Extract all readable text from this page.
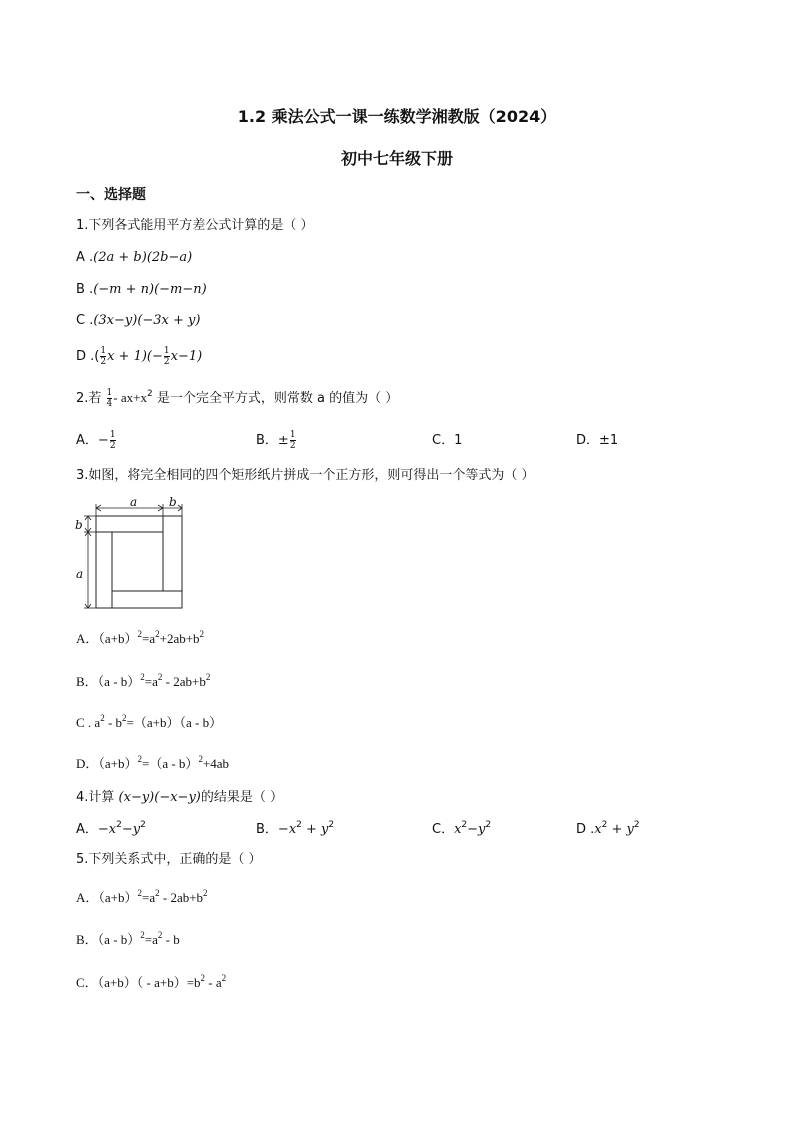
1.2 乘法公式一课一练数学湘教版（2024）
初中七年级下册
一、选择题
1.下列各式能用平方差公式计算的是（ ）
A .(2a + b)(2b−a)
B .(−m + n)(−m−n)
C .(3x−y)(−3x + y)
D .( $\frac{1}{2}$ $x + 1)(- \frac{1}{2} x-1)$
2.若 $\frac{1}{4} - ax+x^2$ 是一个完全平方式，则常数 a 的值为（ ）
A．− $\frac{1}{2}$	B．± $\frac{1}{2}$	C．1	D．±1
3.如图，将完全相同的四个矩形纸片拼成一个正方形，则可得出一个等式为（ ）
a	b
b
a
A．$(a+b)^2=a^2+2ab+b^2$
B．$(a - b)^2=a^2 - 2ab+b^2$
C . $a^2 - b^2=(a+b)(a - b)$
D．$(a+b)^2=(a - b)^2+4ab$
4.计算 (x−y)(−x−y)的结果是（ ）
A．$-x^2-y^2$	B．$-x^2 + y^2$	C．$x^2-y^2$	D $.x^2 + y^2$
5.下列关系式中，正确的是（ ）
A．$(a+b)^2=a^2 - 2ab+b^2$
B．$(a - b)^2=a^2 - b$
C．$(a+b)( - a+b)=b^2 - a^2$
